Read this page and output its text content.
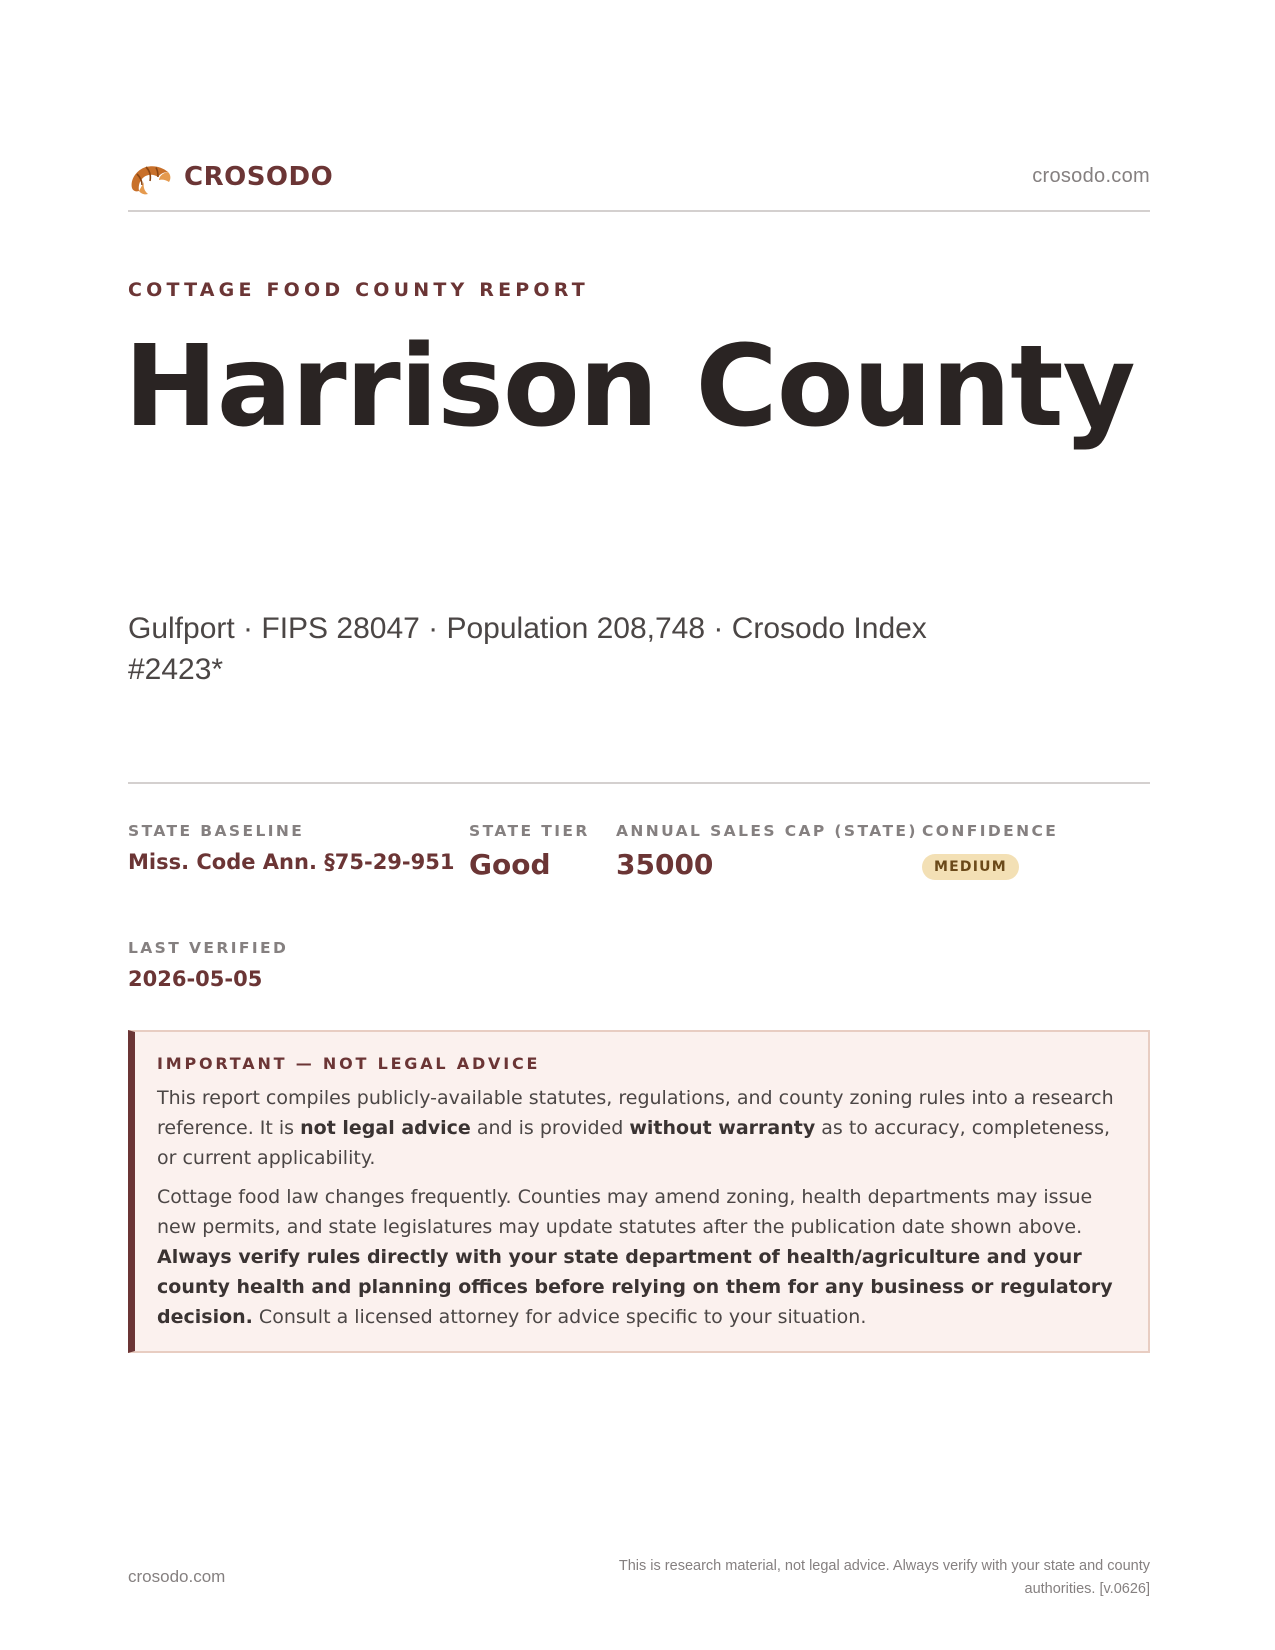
CROSODO	crosodo.com
COTTAGE FOOD COUNTY REPORT
Harrison County
Gulfport · FIPS 28047 · Population 208,748 · Crosodo Index #2423*
STATE BASELINE
Miss. Code Ann. §75-29-951
STATE TIER
Good
ANNUAL SALES CAP (STATE)
35000
CONFIDENCE
MEDIUM
LAST VERIFIED
2026-05-05
IMPORTANT — NOT LEGAL ADVICE

This report compiles publicly-available statutes, regulations, and county zoning rules into a research reference. It is not legal advice and is provided without warranty as to accuracy, completeness, or current applicability.

Cottage food law changes frequently. Counties may amend zoning, health departments may issue new permits, and state legislatures may update statutes after the publication date shown above. Always verify rules directly with your state department of health/agriculture and your county health and planning offices before relying on them for any business or regulatory decision. Consult a licensed attorney for advice specific to your situation.

crosodo.com
This is research material, not legal advice. Always verify with your state and county authorities. [v.0626]
